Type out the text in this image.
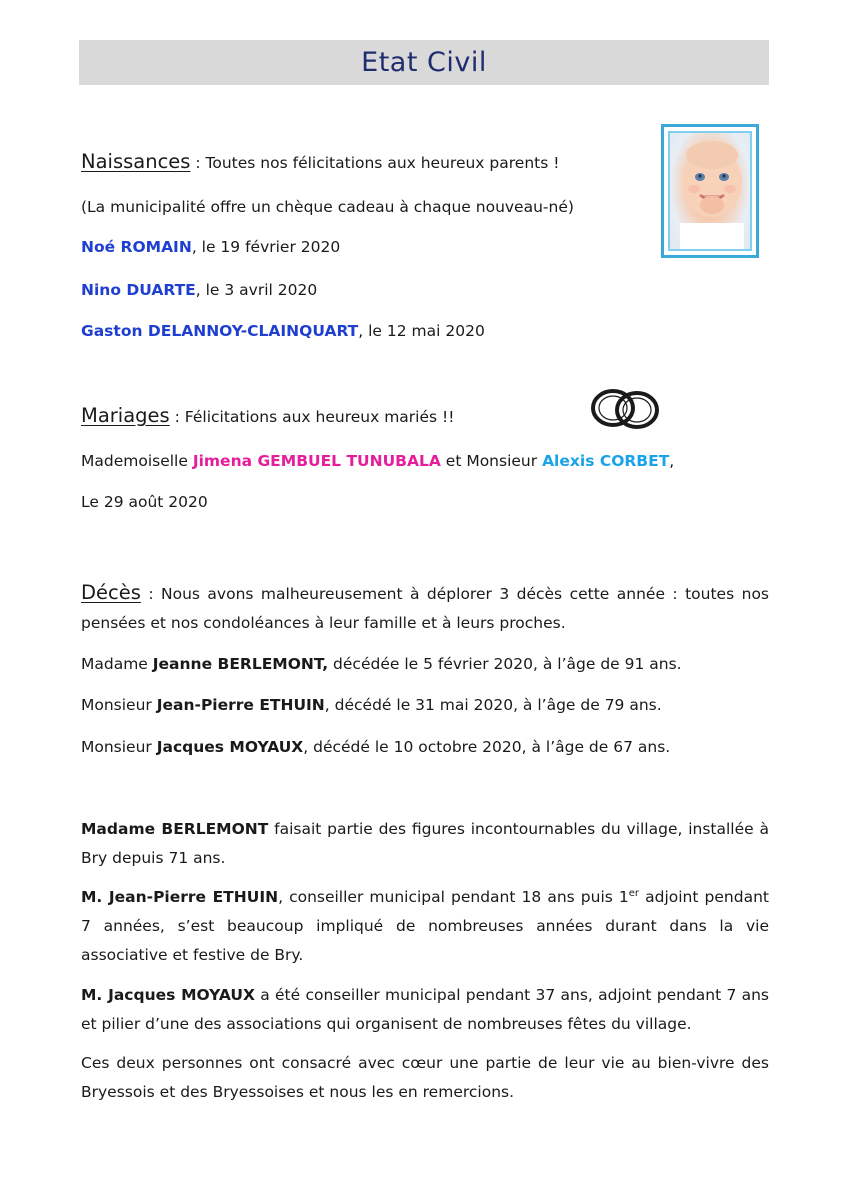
Etat Civil
Naissances : Toutes nos félicitations aux heureux parents !
(La municipalité offre un chèque cadeau à chaque nouveau-né)
Noé ROMAIN, le 19 février 2020
Nino DUARTE, le 3 avril 2020
Gaston DELANNOY-CLAINQUART, le 12 mai 2020
Mariages : Félicitations aux heureux mariés !!
Mademoiselle Jimena GEMBUEL TUNUBALA et Monsieur Alexis CORBET,
Le 29 août 2020
Décès : Nous avons malheureusement à déplorer 3 décès cette année : toutes nos pensées et nos condoléances à leur famille et à leurs proches.
Madame Jeanne BERLEMONT, décédée le 5 février 2020, à l’âge de 91 ans.
Monsieur Jean-Pierre ETHUIN, décédé le 31 mai 2020, à l’âge de 79 ans.
Monsieur Jacques MOYAUX, décédé le 10 octobre 2020, à l’âge de 67 ans.
Madame BERLEMONT faisait partie des figures incontournables du village, installée à Bry depuis 71 ans.
M. Jean-Pierre ETHUIN, conseiller municipal pendant 18 ans puis 1er adjoint pendant 7 années, s’est beaucoup impliqué de nombreuses années durant dans la vie associative et festive de Bry.
M. Jacques MOYAUX a été conseiller municipal pendant 37 ans, adjoint pendant 7 ans et pilier d’une des associations qui organisent de nombreuses fêtes du village.
Ces deux personnes ont consacré avec cœur une partie de leur vie au bien-vivre des Bryessois et des Bryessoises et nous les en remercions.
